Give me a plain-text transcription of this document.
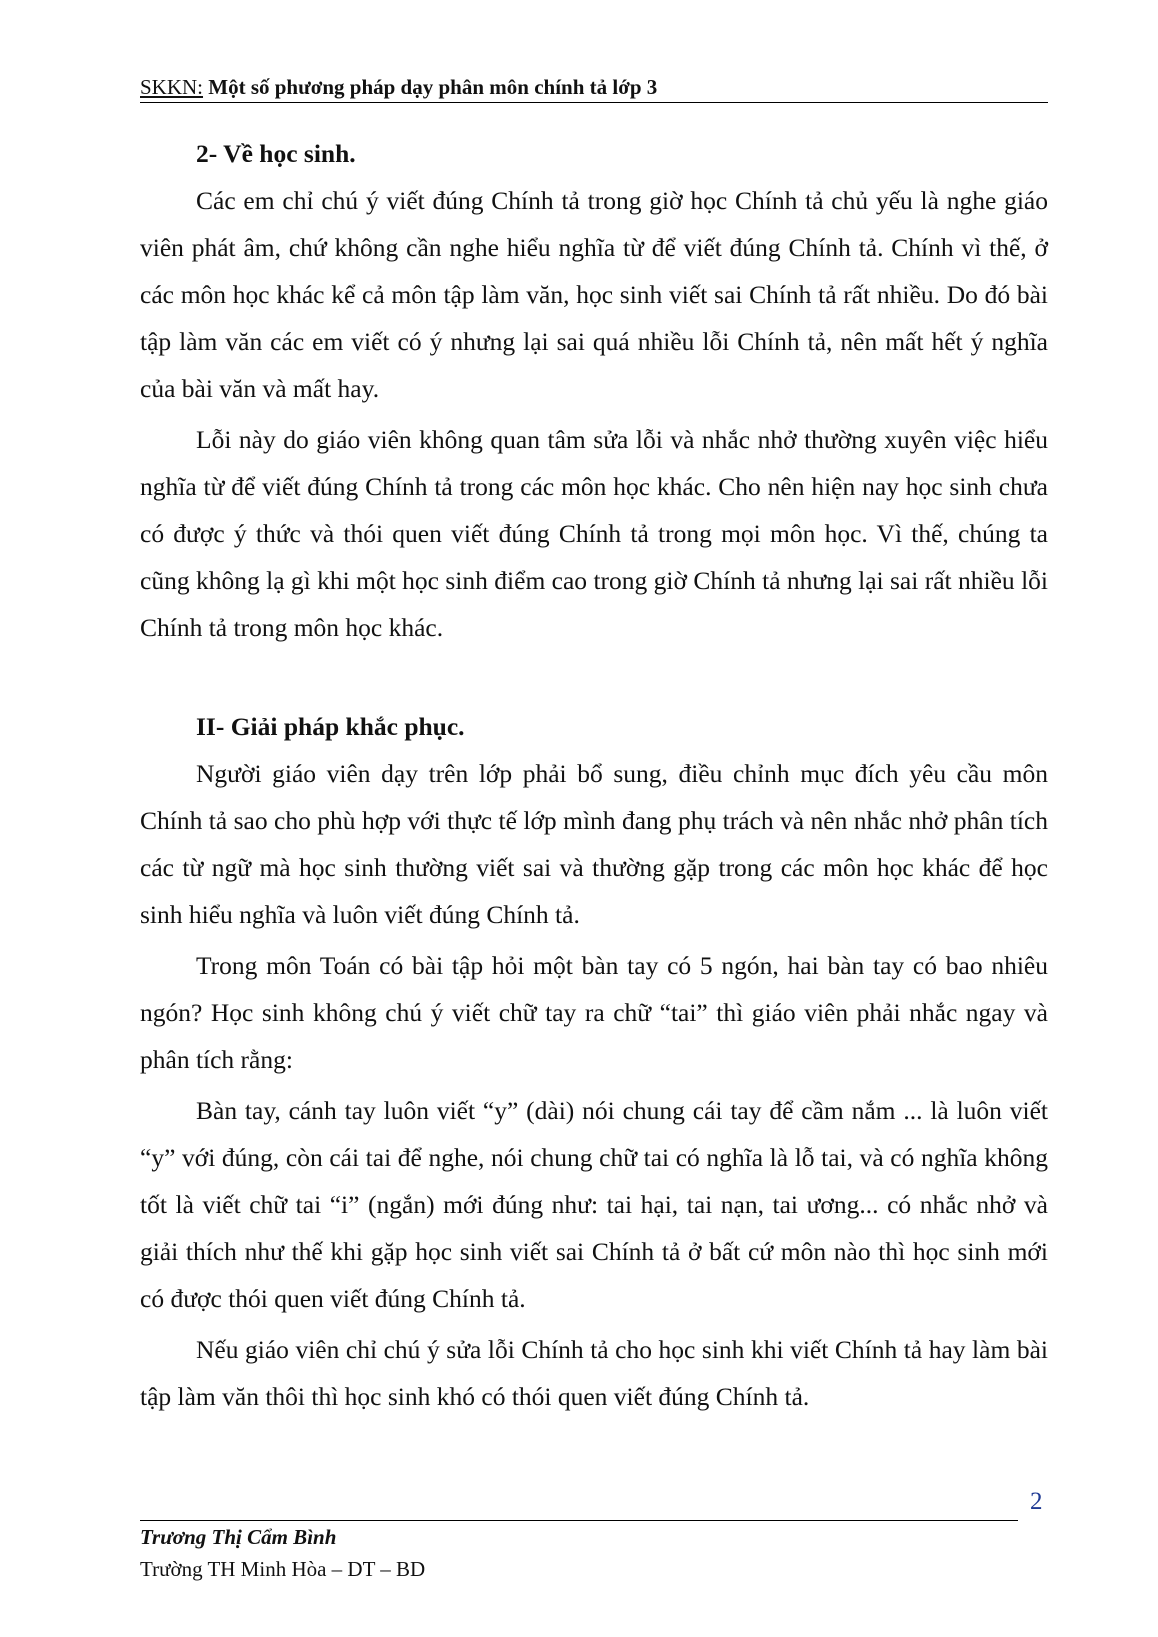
SKKN: Một số phương pháp dạy phân môn chính tả lớp 3
2- Về học sinh.

Các em chỉ chú ý viết đúng Chính tả trong giờ học Chính tả chủ yếu là nghe giáo viên phát âm, chứ không cần nghe hiểu nghĩa từ để viết đúng Chính tả. Chính vì thế, ở các môn học khác kể cả môn tập làm văn, học sinh viết sai Chính tả rất nhiều. Do đó bài tập làm văn các em viết có ý nhưng lại sai quá nhiều lỗi Chính tả, nên mất hết ý nghĩa của bài văn và mất hay.

Lỗi này do giáo viên không quan tâm sửa lỗi và nhắc nhở thường xuyên việc hiểu nghĩa từ để viết đúng Chính tả trong các môn học khác. Cho nên hiện nay học sinh chưa có được ý thức và thói quen viết đúng Chính tả trong mọi môn học. Vì thế, chúng ta cũng không lạ gì khi một học sinh điểm cao trong giờ Chính tả nhưng lại sai rất nhiều lỗi Chính tả trong môn học khác.

II- Giải pháp khắc phục.

Người giáo viên dạy trên lớp phải bổ sung, điều chỉnh mục đích yêu cầu môn Chính tả sao cho phù hợp với thực tế lớp mình đang phụ trách và nên nhắc nhở phân tích các từ ngữ mà học sinh thường viết sai và thường gặp trong các môn học khác để học sinh hiểu nghĩa và luôn viết đúng Chính tả.

Trong môn Toán có bài tập hỏi một bàn tay có 5 ngón, hai bàn tay có bao nhiêu ngón? Học sinh không chú ý viết chữ tay ra chữ “tai” thì giáo viên phải nhắc ngay và phân tích rằng:

Bàn tay, cánh tay luôn viết “y” (dài) nói chung cái tay để cầm nắm ... là luôn viết “y” với đúng, còn cái tai để nghe, nói chung chữ tai có nghĩa là lỗ tai, và có nghĩa không tốt là viết chữ tai “i” (ngắn) mới đúng như: tai hại, tai nạn, tai ương... có nhắc nhở và giải thích như thế khi gặp học sinh viết sai Chính tả ở bất cứ môn nào thì học sinh mới có được thói quen viết đúng Chính tả.

Nếu giáo viên chỉ chú ý sửa lỗi Chính tả cho học sinh khi viết Chính tả hay làm bài tập làm văn thôi thì học sinh khó có thói quen viết đúng Chính tả.

2
Trương Thị Cẩm Bình
Trường TH Minh Hòa – DT – BD
